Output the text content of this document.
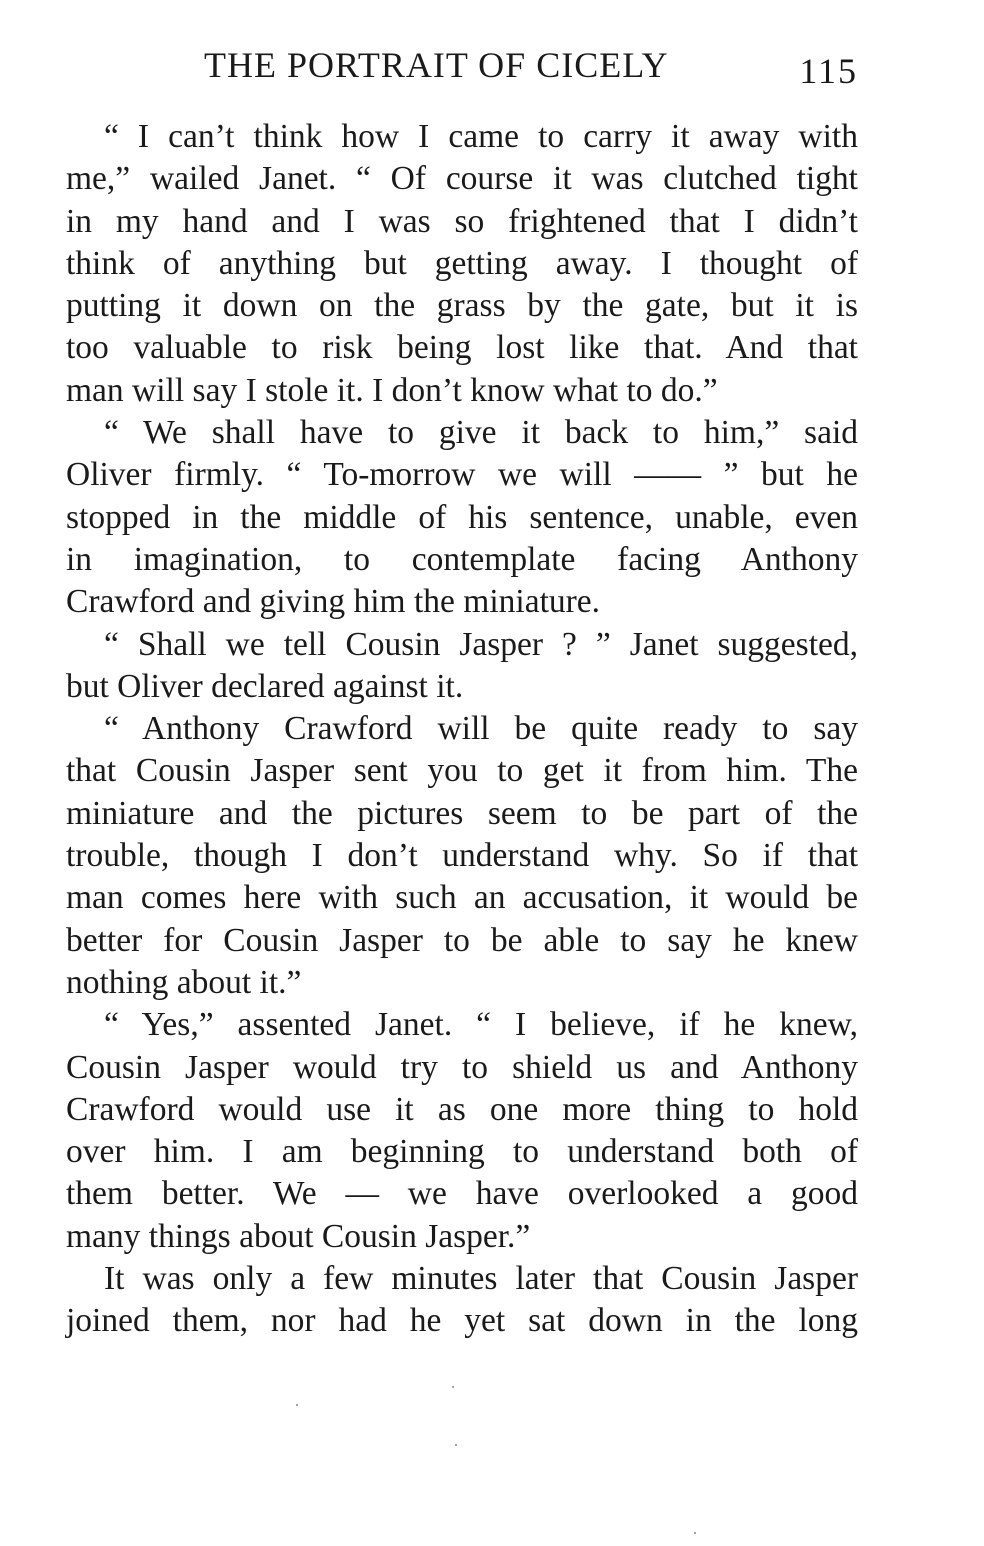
THE PORTRAIT OF CICELY	115
“ I can’t think how I came to carry it away with
me,” wailed Janet. “ Of course it was clutched tight
in my hand and I was so frightened that I didn’t
think of anything but getting away. I thought of
putting it down on the grass by the gate, but it is
too valuable to risk being lost like that. And that
man will say I stole it. I don’t know what to do.”
“ We shall have to give it back to him,” said
Oliver firmly. “ To-morrow we will —— ” but he
stopped in the middle of his sentence, unable, even
in imagination, to contemplate facing Anthony
Crawford and giving him the miniature.
“ Shall we tell Cousin Jasper ? ” Janet suggested,
but Oliver declared against it.
“ Anthony Crawford will be quite ready to say
that Cousin Jasper sent you to get it from him. The
miniature and the pictures seem to be part of the
trouble, though I don’t understand why. So if that
man comes here with such an accusation, it would be
better for Cousin Jasper to be able to say he knew
nothing about it.”
“ Yes,” assented Janet. “ I believe, if he knew,
Cousin Jasper would try to shield us and Anthony
Crawford would use it as one more thing to hold
over him. I am beginning to understand both of
them better. We — we have overlooked a good
many things about Cousin Jasper.”
It was only a few minutes later that Cousin Jasper
joined them, nor had he yet sat down in the long
